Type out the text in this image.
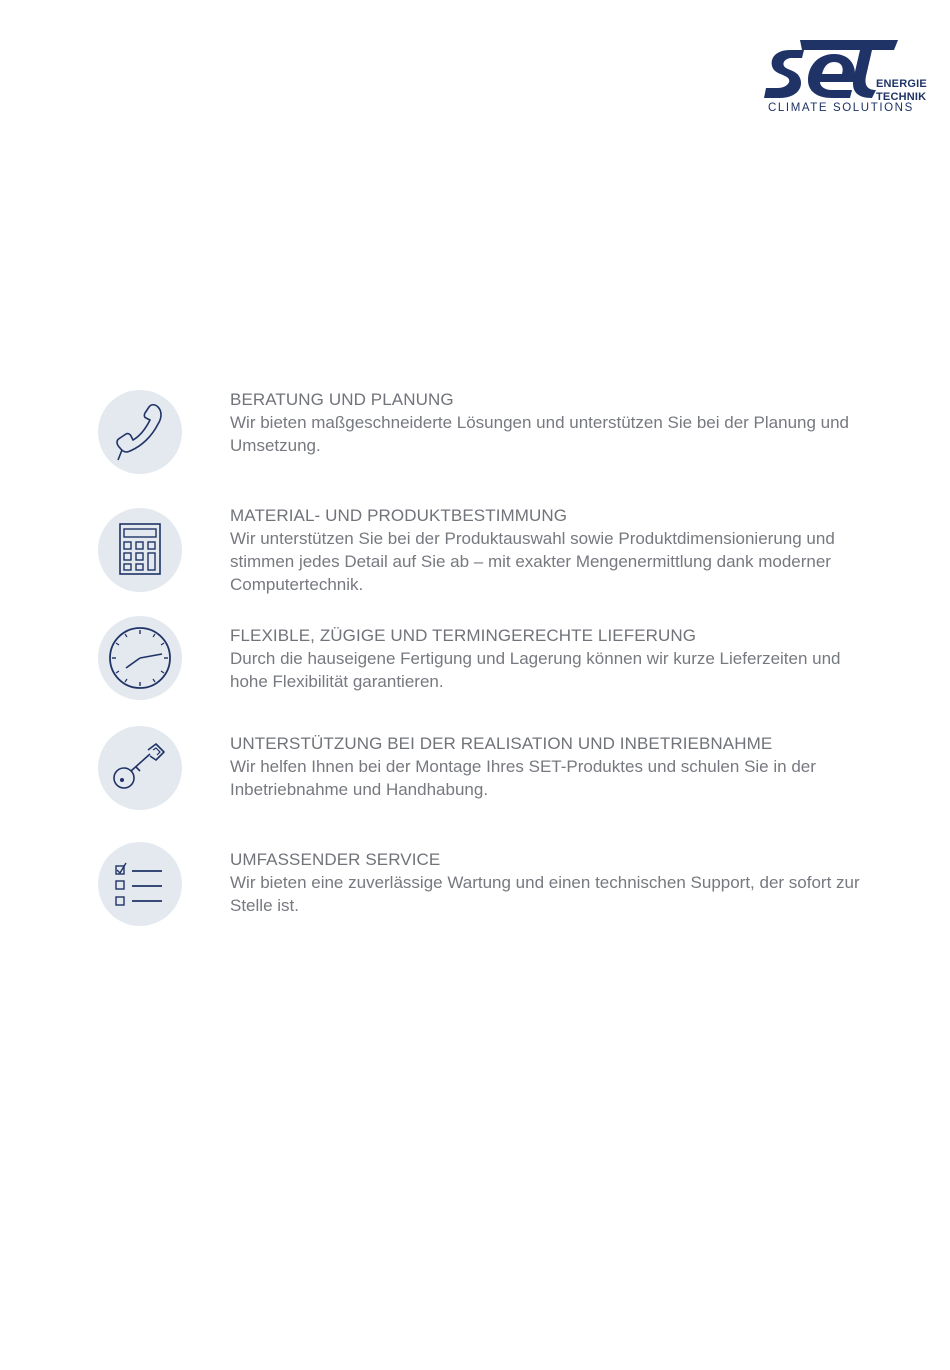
ENERGIE
TECHNIK
CLIMATE SOLUTIONS
BERATUNG UND PLANUNG
Wir bieten maßgeschneiderte Lösungen und unterstützen Sie bei der Planung und Umsetzung.
MATERIAL- UND PRODUKTBESTIMMUNG
Wir unterstützen Sie bei der Produktauswahl sowie Produktdimensionierung und stimmen jedes Detail auf Sie ab – mit exakter Mengenermittlung dank moderner Computertechnik.
FLEXIBLE, ZÜGIGE UND TERMINGERECHTE LIEFERUNG
Durch die hauseigene Fertigung und Lagerung können wir kurze Lieferzeiten und hohe Flexibilität garantieren.
UNTERSTÜTZUNG BEI DER REALISATION UND INBETRIEBNAHME
Wir helfen Ihnen bei der Montage Ihres SET-Produktes und schulen Sie in der Inbetriebnahme und Handhabung.
UMFASSENDER SERVICE
Wir bieten eine zuverlässige Wartung und einen technischen Support, der sofort zur Stelle ist.
